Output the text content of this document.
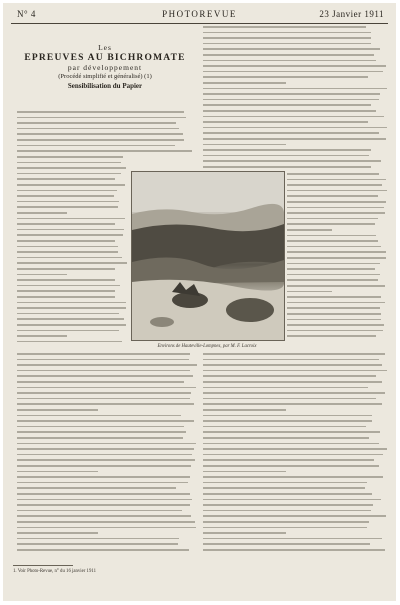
N° 4	PHOTOREVUE	23 Janvier 1911
Les
EPREUVES AU BICHROMATE
par développement
(Procédé simplifié et généralisé) (1)
Sensibilisation du Papier
Environs de Hauteville-Lompnes, par M. F. Lacroix
1. Voir Photo-Revue, n° du 16 janvier 1911
